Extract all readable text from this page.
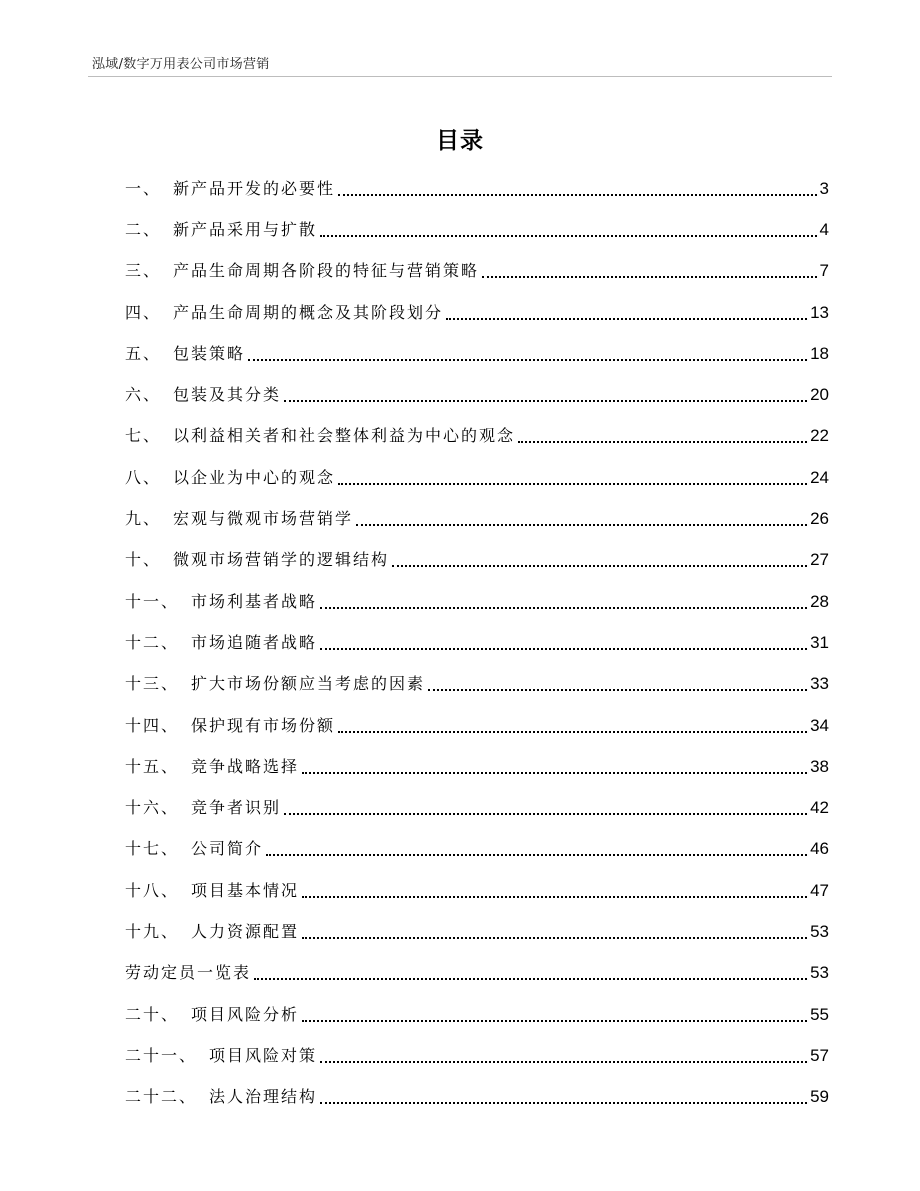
泓域/数字万用表公司市场营销
目录
一、 新产品开发的必要性	3
二、 新产品采用与扩散	4
三、 产品生命周期各阶段的特征与营销策略	7
四、 产品生命周期的概念及其阶段划分	13
五、 包装策略	18
六、 包装及其分类	20
七、 以利益相关者和社会整体利益为中心的观念	22
八、 以企业为中心的观念	24
九、 宏观与微观市场营销学	26
十、 微观市场营销学的逻辑结构	27
十一、 市场利基者战略	28
十二、 市场追随者战略	31
十三、 扩大市场份额应当考虑的因素	33
十四、 保护现有市场份额	34
十五、 竞争战略选择	38
十六、 竞争者识别	42
十七、 公司简介	46
十八、 项目基本情况	47
十九、 人力资源配置	53
劳动定员一览表	53
二十、 项目风险分析	55
二十一、 项目风险对策	57
二十二、 法人治理结构	59
